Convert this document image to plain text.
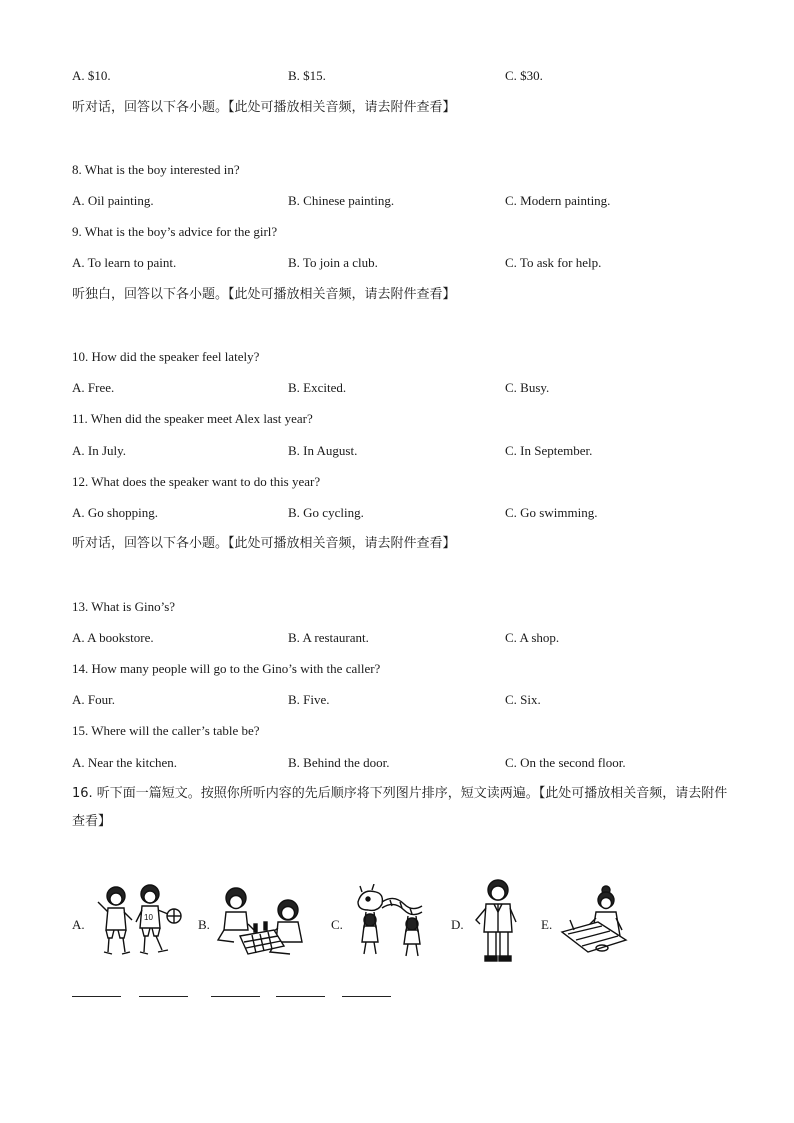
A. $10.	B. $15.	C. $30.
听对话，回答以下各小题。【此处可播放相关音频，请去附件查看】
8. What is the boy interested in?
A. Oil painting.	B. Chinese painting.	C. Modern painting.
9. What is the boy’s advice for the girl?
A. To learn to paint.	B. To join a club.	C. To ask for help.
听独白，回答以下各小题。【此处可播放相关音频，请去附件查看】
10. How did the speaker feel lately?
A. Free.	B. Excited.	C. Busy.
11. When did the speaker meet Alex last year?
A. In July.	B. In August.	C. In September.
12. What does the speaker want to do this year?
A. Go shopping.	B. Go cycling.	C. Go swimming.
听对话，回答以下各小题。【此处可播放相关音频，请去附件查看】
13. What is Gino’s?
A. A bookstore.	B. A restaurant.	C. A shop.
14. How many people will go to the Gino’s with the caller?
A. Four.	B. Five.	C. Six.
15. Where will the caller’s table be?
A. Near the kitchen.	B. Behind the door.	C. On the second floor.
16. 听下面一篇短文。按照你所听内容的先后顺序将下列图片排序，短文读两遍。【此处可播放相关音频，请去附件查看】
A.	B.	C.	D.	E.
10
